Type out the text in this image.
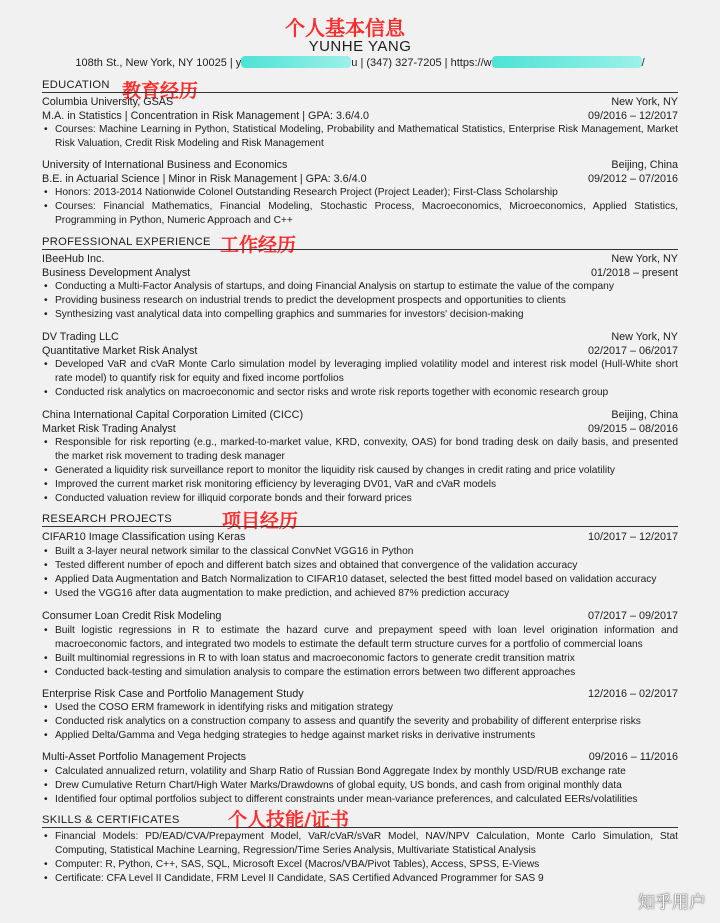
个人基本信息
教育经历
工作经历
项目经历
个人技能/证书
YUNHE YANG
108th St., New York, NY 10025 | y	u | (347) 327-7205 | https://w	/
EDUCATION
Columbia University, GSAS	New York, NY
M.A. in Statistics | Concentration in Risk Management | GPA: 3.6/4.0	09/2016 – 12/2017
• Courses: Machine Learning in Python, Statistical Modeling, Probability and Mathematical Statistics, Enterprise Risk Management, Market Risk Valuation, Credit Risk Modeling and Risk Management
University of International Business and Economics	Beijing, China
B.E. in Actuarial Science | Minor in Risk Management | GPA: 3.6/4.0	09/2012 – 07/2016
• Honors: 2013-2014 Nationwide Colonel Outstanding Research Project (Project Leader); First-Class Scholarship
• Courses: Financial Mathematics, Financial Modeling, Stochastic Process, Macroeconomics, Microeconomics, Applied Statistics, Programming in Python, Numeric Approach and C++
PROFESSIONAL EXPERIENCE
IBeeHub Inc.	New York, NY
Business Development Analyst	01/2018 – present
• Conducting a Multi-Factor Analysis of startups, and doing Financial Analysis on startup to estimate the value of the company
• Providing business research on industrial trends to predict the development prospects and opportunities to clients
• Synthesizing vast analytical data into compelling graphics and summaries for investors' decision-making
DV Trading LLC	New York, NY
Quantitative Market Risk Analyst	02/2017 – 06/2017
• Developed VaR and cVaR Monte Carlo simulation model by leveraging implied volatility model and interest risk model (Hull-White short rate model) to quantify risk for equity and fixed income portfolios
• Conducted risk analytics on macroeconomic and sector risks and wrote risk reports together with economic research group
China International Capital Corporation Limited (CICC)	Beijing, China
Market Risk Trading Analyst	09/2015 – 08/2016
• Responsible for risk reporting (e.g., marked-to-market value, KRD, convexity, OAS) for bond trading desk on daily basis, and presented the market risk movement to trading desk manager
• Generated a liquidity risk surveillance report to monitor the liquidity risk caused by changes in credit rating and price volatility
• Improved the current market risk monitoring efficiency by leveraging DV01, VaR and cVaR models
• Conducted valuation review for illiquid corporate bonds and their forward prices
RESEARCH PROJECTS
CIFAR10 Image Classification using Keras	10/2017 – 12/2017
• Built a 3-layer neural network similar to the classical ConvNet VGG16 in Python
• Tested different number of epoch and different batch sizes and obtained that convergence of the validation accuracy
• Applied Data Augmentation and Batch Normalization to CIFAR10 dataset, selected the best fitted model based on validation accuracy
• Used the VGG16 after data augmentation to make prediction, and achieved 87% prediction accuracy
Consumer Loan Credit Risk Modeling	07/2017 – 09/2017
• Built logistic regressions in R to estimate the hazard curve and prepayment speed with loan level origination information and macroeconomic factors, and integrated two models to estimate the default term structure curves for a portfolio of commercial loans
• Built multinomial regressions in R to with loan status and macroeconomic factors to generate credit transition matrix
• Conducted back-testing and simulation analysis to compare the estimation errors between two different approaches
Enterprise Risk Case and Portfolio Management Study	12/2016 – 02/2017
• Used the COSO ERM framework in identifying risks and mitigation strategy
• Conducted risk analytics on a construction company to assess and quantify the severity and probability of different enterprise risks
• Applied Delta/Gamma and Vega hedging strategies to hedge against market risks in derivative instruments
Multi-Asset Portfolio Management Projects	09/2016 – 11/2016
• Calculated annualized return, volatility and Sharp Ratio of Russian Bond Aggregate Index by monthly USD/RUB exchange rate
• Drew Cumulative Return Chart/High Water Marks/Drawdowns of global equity, US bonds, and cash from original monthly data
• Identified four optimal portfolios subject to different constraints under mean-variance preferences, and calculated EERs/volatilities
SKILLS & CERTIFICATES
• Financial Models: PD/EAD/CVA/Prepayment Model, VaR/cVaR/sVaR Model, NAV/NPV Calculation, Monte Carlo Simulation, Stat Computing, Statistical Machine Learning, Regression/Time Series Analysis, Multivariate Statistical Analysis
• Computer: R, Python, C++, SAS, SQL, Microsoft Excel (Macros/VBA/Pivot Tables), Access, SPSS, E-Views
• Certificate: CFA Level II Candidate, FRM Level II Candidate, SAS Certified Advanced Programmer for SAS 9
知乎用户
